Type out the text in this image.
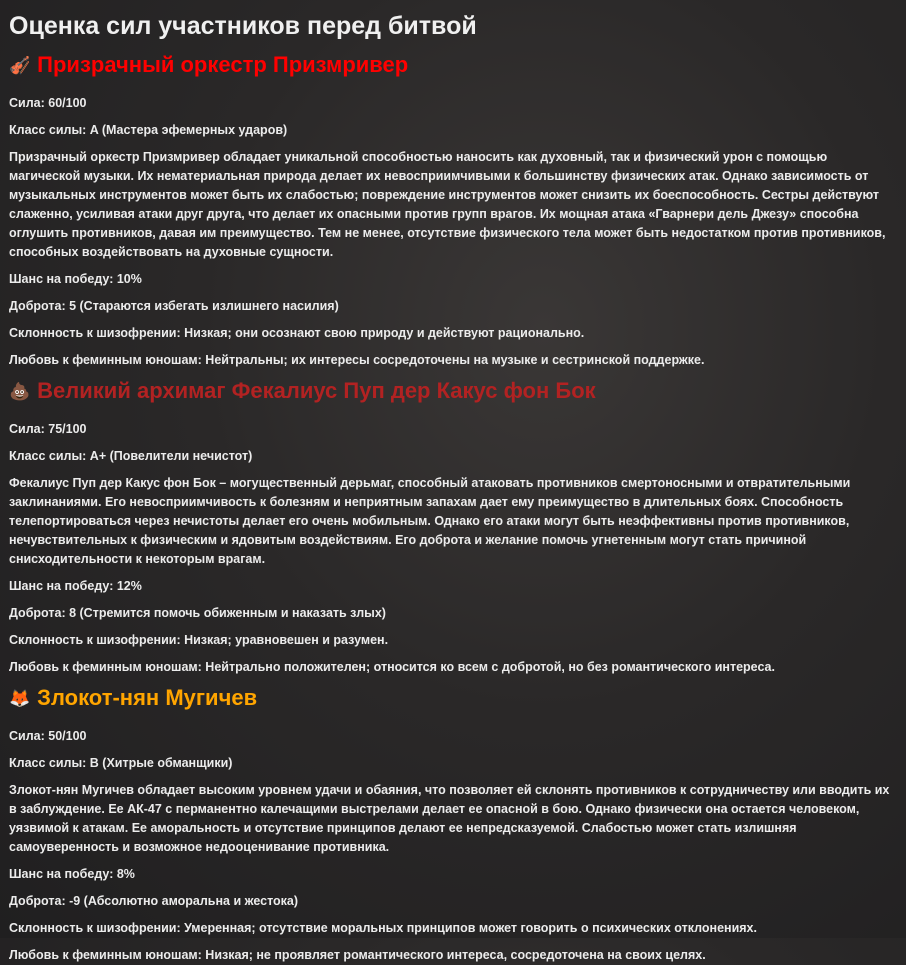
Оценка сил участников перед битвой
🎻 Призрачный оркестр Призмривер

Сила: 60/100

Класс силы: A (Мастера эфемерных ударов)

Призрачный оркестр Призмривер обладает уникальной способностью наносить как духовный, так и физический урон с помощью магической музыки. Их нематериальная природа делает их невосприимчивыми к большинству физических атак. Однако зависимость от музыкальных инструментов может быть их слабостью; повреждение инструментов может снизить их боеспособность. Сестры действуют слаженно, усиливая атаки друг друга, что делает их опасными против групп врагов. Их мощная атака «Гварнери дель Джезу» способна оглушить противников, давая им преимущество. Тем не менее, отсутствие физического тела может быть недостатком против противников, способных воздействовать на духовные сущности.

Шанс на победу: 10%

Доброта: 5 (Стараются избегать излишнего насилия)

Склонность к шизофрении: Низкая; они осознают свою природу и действуют рационально.

Любовь к феминным юношам: Нейтральны; их интересы сосредоточены на музыке и сестринской поддержке.

💩 Великий архимаг Фекалиус Пуп дер Какус фон Бок

Сила: 75/100

Класс силы: A+ (Повелители нечистот)

Фекалиус Пуп дер Какус фон Бок – могущественный дерьмаг, способный атаковать противников смертоносными и отвратительными заклинаниями. Его невосприимчивость к болезням и неприятным запахам дает ему преимущество в длительных боях. Способность телепортироваться через нечистоты делает его очень мобильным. Однако его атаки могут быть неэффективны против противников, нечувствительных к физическим и ядовитым воздействиям. Его доброта и желание помочь угнетенным могут стать причиной снисходительности к некоторым врагам.

Шанс на победу: 12%

Доброта: 8 (Стремится помочь обиженным и наказать злых)

Склонность к шизофрении: Низкая; уравновешен и разумен.

Любовь к феминным юношам: Нейтрально положителен; относится ко всем с добротой, но без романтического интереса.

🦊 Злокот-нян Мугичев

Сила: 50/100

Класс силы: B (Хитрые обманщики)

Злокот-нян Мугичев обладает высоким уровнем удачи и обаяния, что позволяет ей склонять противников к сотрудничеству или вводить их в заблуждение. Ее АК-47 с перманентно калечащими выстрелами делает ее опасной в бою. Однако физически она остается человеком, уязвимой к атакам. Ее аморальность и отсутствие принципов делают ее непредсказуемой. Слабостью может стать излишняя самоуверенность и возможное недооценивание противника.

Шанс на победу: 8%

Доброта: -9 (Абсолютно аморальна и жестока)

Склонность к шизофрении: Умеренная; отсутствие моральных принципов может говорить о психических отклонениях.

Любовь к феминным юношам: Низкая; не проявляет романтического интереса, сосредоточена на своих целях.
